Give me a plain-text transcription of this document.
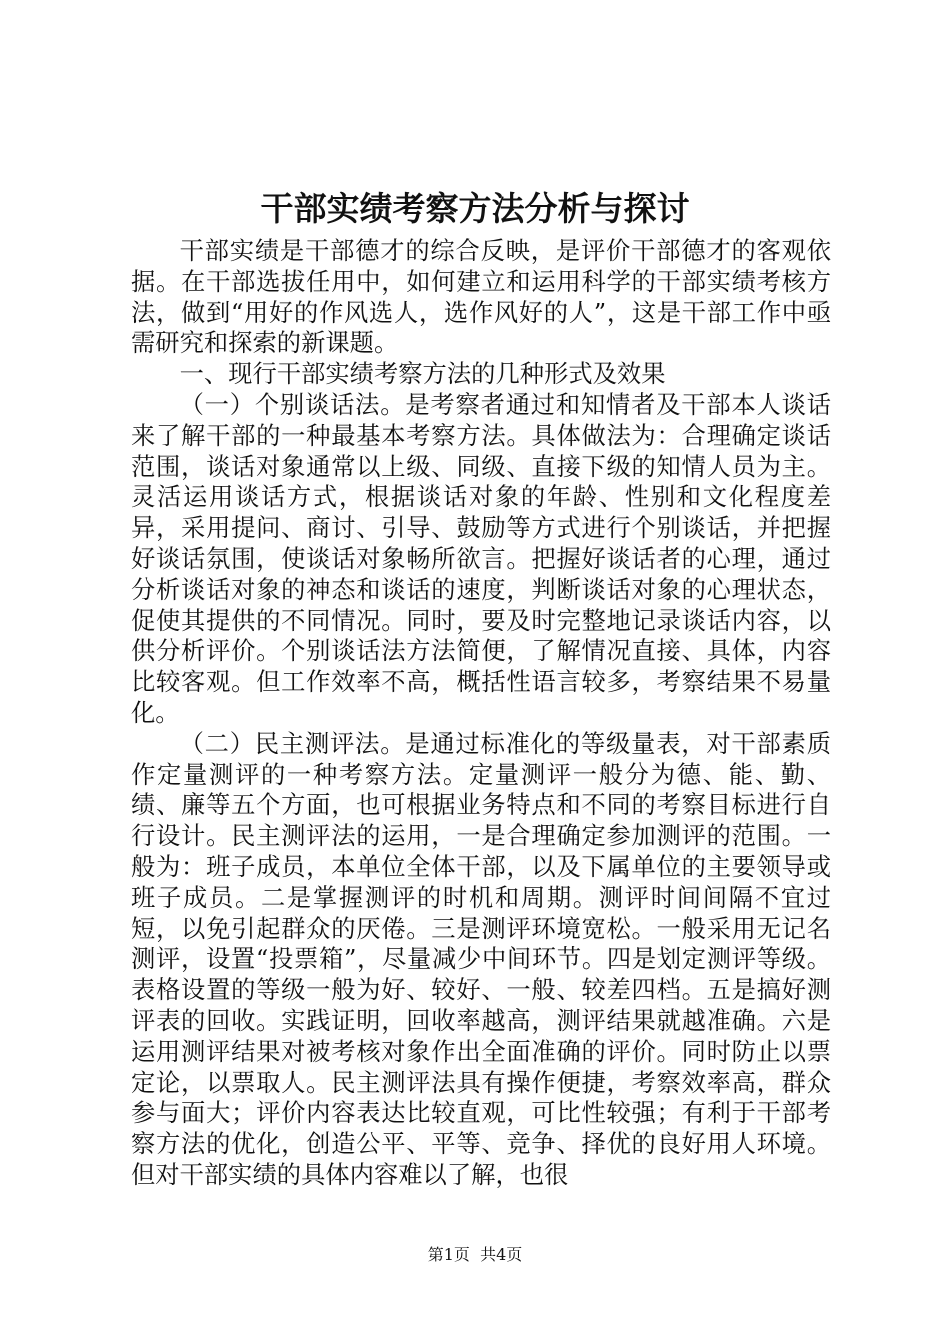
干部实绩考察方法分析与探讨

干部实绩是干部德才的综合反映，是评价干部德才的客观依据。在干部选拔任用中，如何建立和运用科学的干部实绩考核方法，做到“用好的作风选人，选作风好的人”，这是干部工作中亟需研究和探索的新课题。

一、现行干部实绩考察方法的几种形式及效果

（一）个别谈话法。是考察者通过和知情者及干部本人谈话来了解干部的一种最基本考察方法。具体做法为：合理确定谈话范围，谈话对象通常以上级、同级、直接下级的知情人员为主。灵活运用谈话方式，根据谈话对象的年龄、性别和文化程度差异，采用提问、商讨、引导、鼓励等方式进行个别谈话，并把握好谈话氛围，使谈话对象畅所欲言。把握好谈话者的心理，通过分析谈话对象的神态和谈话的速度，判断谈话对象的心理状态，促使其提供的不同情况。同时，要及时完整地记录谈话内容，以供分析评价。个别谈话法方法简便，了解情况直接、具体，内容比较客观。但工作效率不高，概括性语言较多，考察结果不易量化。

（二）民主测评法。是通过标准化的等级量表，对干部素质作定量测评的一种考察方法。定量测评一般分为德、能、勤、绩、廉等五个方面，也可根据业务特点和不同的考察目标进行自行设计。民主测评法的运用，一是合理确定参加测评的范围。一般为：班子成员，本单位全体干部，以及下属单位的主要领导或班子成员。二是掌握测评的时机和周期。测评时间间隔不宜过短，以免引起群众的厌倦。三是测评环境宽松。一般采用无记名测评，设置“投票箱”，尽量减少中间环节。四是划定测评等级。表格设置的等级一般为好、较好、一般、较差四档。五是搞好测评表的回收。实践证明，回收率越高，测评结果就越准确。六是运用测评结果对被考核对象作出全面准确的评价。同时防止以票定论，以票取人。民主测评法具有操作便捷，考察效率高，群众参与面大；评价内容表达比较直观，可比性较强；有利于干部考察方法的优化，创造公平、平等、竞争、择优的良好用人环境。但对干部实绩的具体内容难以了解，也很

第1页 共4页
